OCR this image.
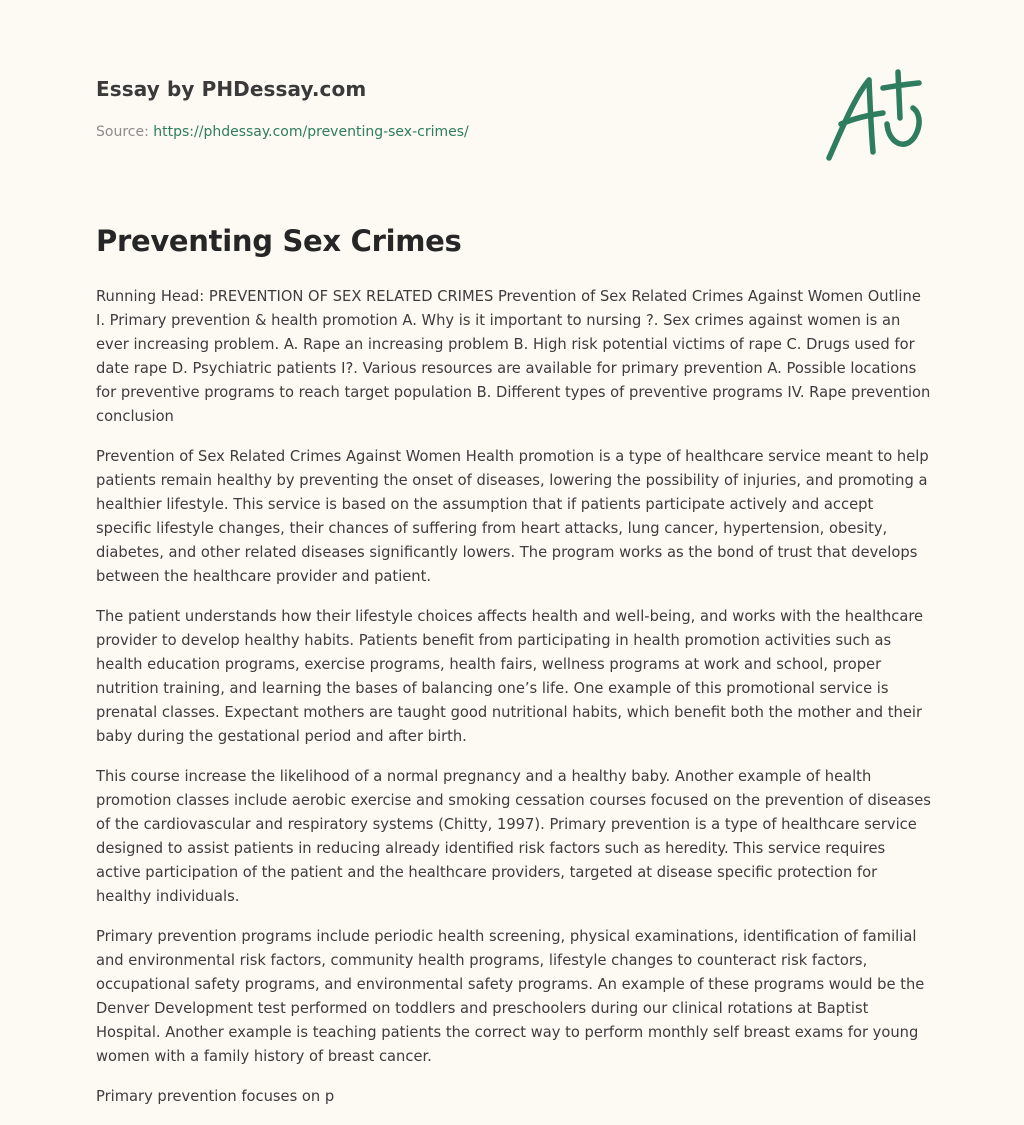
Essay by PHDessay.com
Source: https://phdessay.com/preventing-sex-crimes/
Preventing Sex Crimes

Running Head: PREVENTION OF SEX RELATED CRIMES Prevention of Sex Related Crimes Against Women Outline I. Primary prevention & health promotion A. Why is it important to nursing ?. Sex crimes against women is an ever increasing problem. A. Rape an increasing problem B. High risk potential victims of rape C. Drugs used for date rape D. Psychiatric patients I?. Various resources are available for primary prevention A. Possible locations for preventive programs to reach target population B. Different types of preventive programs IV. Rape prevention conclusion

Prevention of Sex Related Crimes Against Women Health promotion is a type of healthcare service meant to help patients remain healthy by preventing the onset of diseases, lowering the possibility of injuries, and promoting a healthier lifestyle. This service is based on the assumption that if patients participate actively and accept specific lifestyle changes, their chances of suffering from heart attacks, lung cancer, hypertension, obesity, diabetes, and other related diseases significantly lowers. The program works as the bond of trust that develops between the healthcare provider and patient.

The patient understands how their lifestyle choices affects health and well-being, and works with the healthcare provider to develop healthy habits. Patients benefit from participating in health promotion activities such as health education programs, exercise programs, health fairs, wellness programs at work and school, proper nutrition training, and learning the bases of balancing one’s life. One example of this promotional service is prenatal classes. Expectant mothers are taught good nutritional habits, which benefit both the mother and their baby during the gestational period and after birth.

This course increase the likelihood of a normal pregnancy and a healthy baby. Another example of health promotion classes include aerobic exercise and smoking cessation courses focused on the prevention of diseases of the cardiovascular and respiratory systems (Chitty, 1997). Primary prevention is a type of healthcare service designed to assist patients in reducing already identified risk factors such as heredity. This service requires active participation of the patient and the healthcare providers, targeted at disease specific protection for healthy individuals.

Primary prevention programs include periodic health screening, physical examinations, identification of familial and environmental risk factors, community health programs, lifestyle changes to counteract risk factors, occupational safety programs, and environmental safety programs. An example of these programs would be the Denver Development test performed on toddlers and preschoolers during our clinical rotations at Baptist Hospital. Another example is teaching patients the correct way to perform monthly self breast exams for young women with a family history of breast cancer.

Primary prevention focuses on p
